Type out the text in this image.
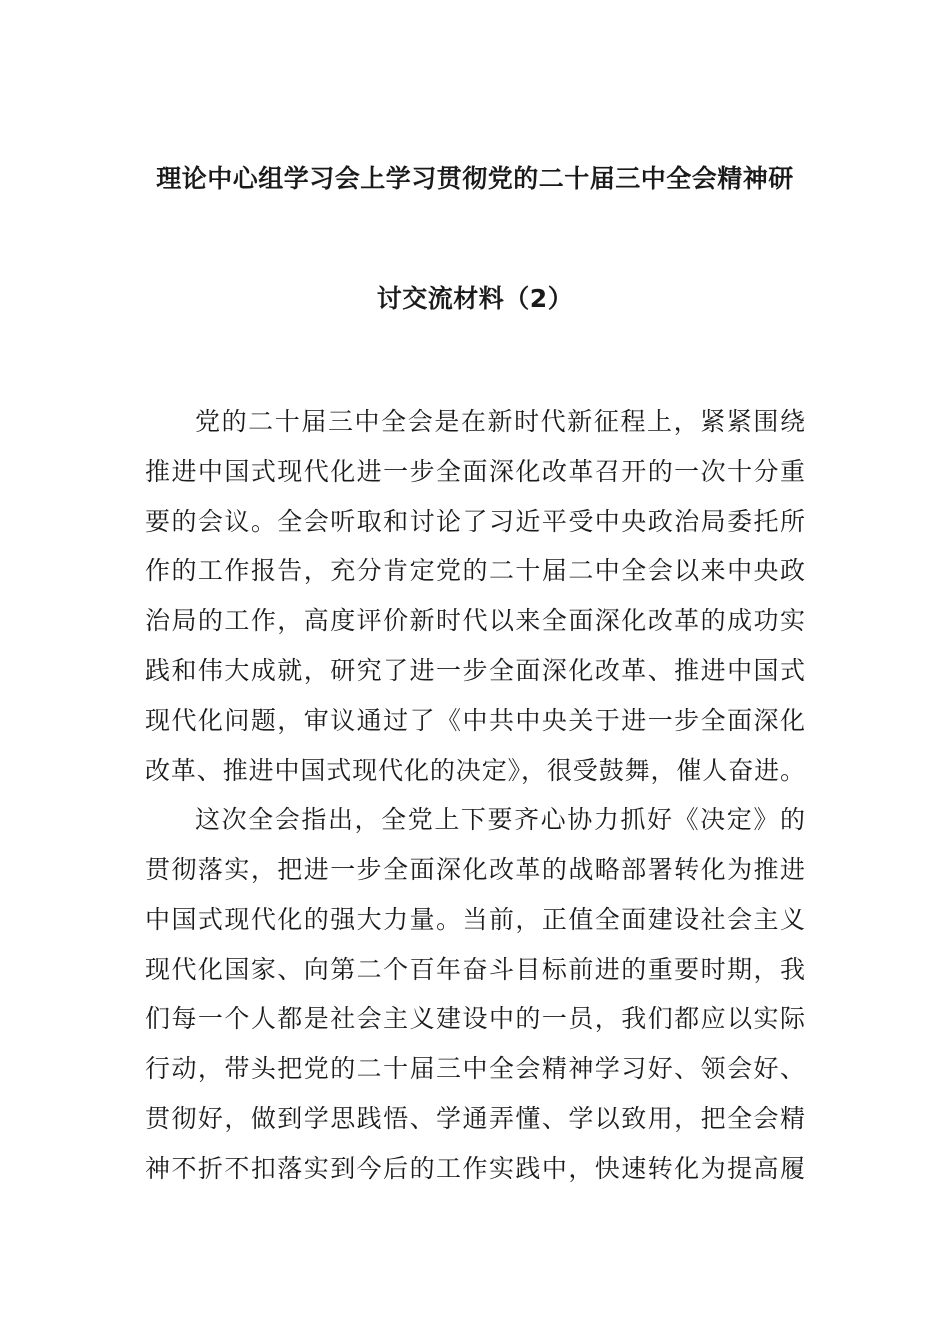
理论中心组学习会上学习贯彻党的二十届三中全会精神研
讨交流材料（2）
党的二十届三中全会是在新时代新征程上，紧紧围绕
推进中国式现代化进一步全面深化改革召开的一次十分重
要的会议。全会听取和讨论了习近平受中央政治局委托所
作的工作报告，充分肯定党的二十届二中全会以来中央政
治局的工作，高度评价新时代以来全面深化改革的成功实
践和伟大成就，研究了进一步全面深化改革、推进中国式
现代化问题，审议通过了《中共中央关于进一步全面深化
改革、推进中国式现代化的决定》，很受鼓舞，催人奋进。
这次全会指出，全党上下要齐心协力抓好《决定》的
贯彻落实，把进一步全面深化改革的战略部署转化为推进
中国式现代化的强大力量。当前，正值全面建设社会主义
现代化国家、向第二个百年奋斗目标前进的重要时期，我
们每一个人都是社会主义建设中的一员，我们都应以实际
行动，带头把党的二十届三中全会精神学习好、领会好、
贯彻好，做到学思践悟、学通弄懂、学以致用，把全会精
神不折不扣落实到今后的工作实践中，快速转化为提高履
